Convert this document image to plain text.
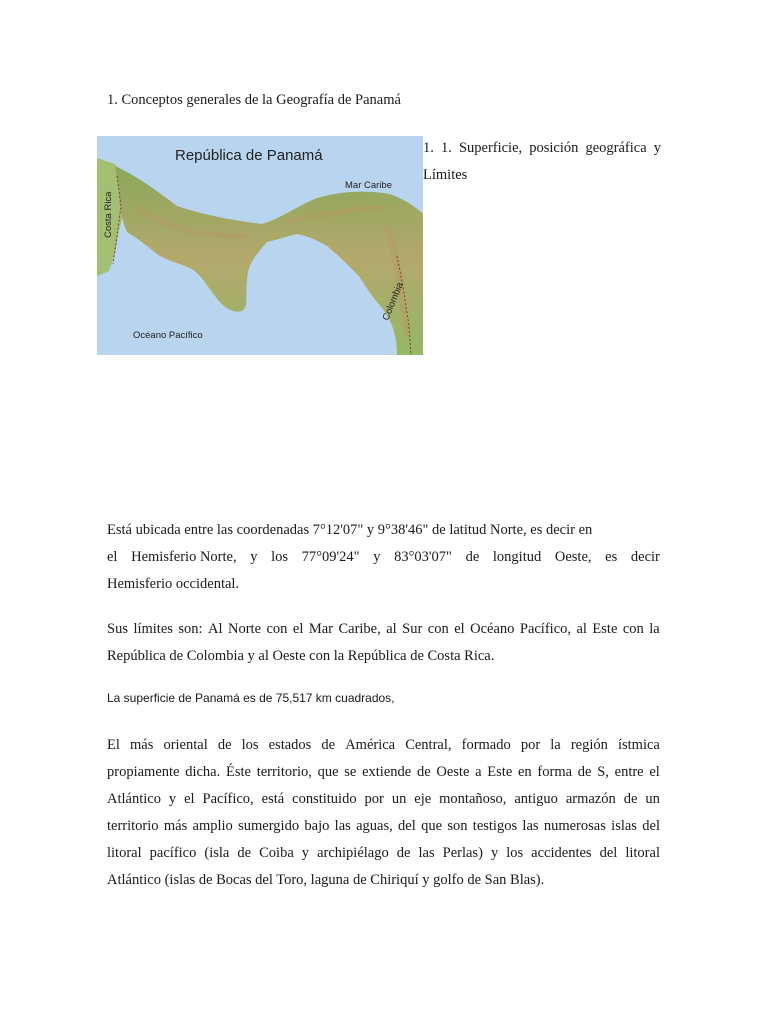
1. Conceptos generales de la Geografía de Panamá
República de Panamá
Mar Caribe
Costa Rica
Colombia
Océano Pacífico
1. 1. Superficie, posición geográfica y Límites
Está ubicada entre las coordenadas 7°12'07" y 9°38'46" de latitud Norte, es decir en
el Hemisferio Norte, y los 77°09'24" y 83°03'07" de longitud Oeste, es decir
Hemisferio occidental.
Sus límites son: Al Norte con el Mar Caribe, al Sur con el Océano Pacífico, al Este con la
República de Colombia y al Oeste con la República de Costa Rica.
La superficie de Panamá es de 75,517 km cuadrados,
El más oriental de los estados de América Central, formado por la región ístmica
propiamente dicha. Éste territorio, que se extiende de Oeste a Este en forma de S, entre el
Atlántico y el Pacífico, está constituido por un eje montañoso, antiguo armazón de un
territorio más amplio sumergido bajo las aguas, del que son testigos las numerosas islas del
litoral pacífico (isla de Coiba y archipiélago de las Perlas) y los accidentes del litoral
Atlántico (islas de Bocas del Toro, laguna de Chiriquí y golfo de San Blas).
